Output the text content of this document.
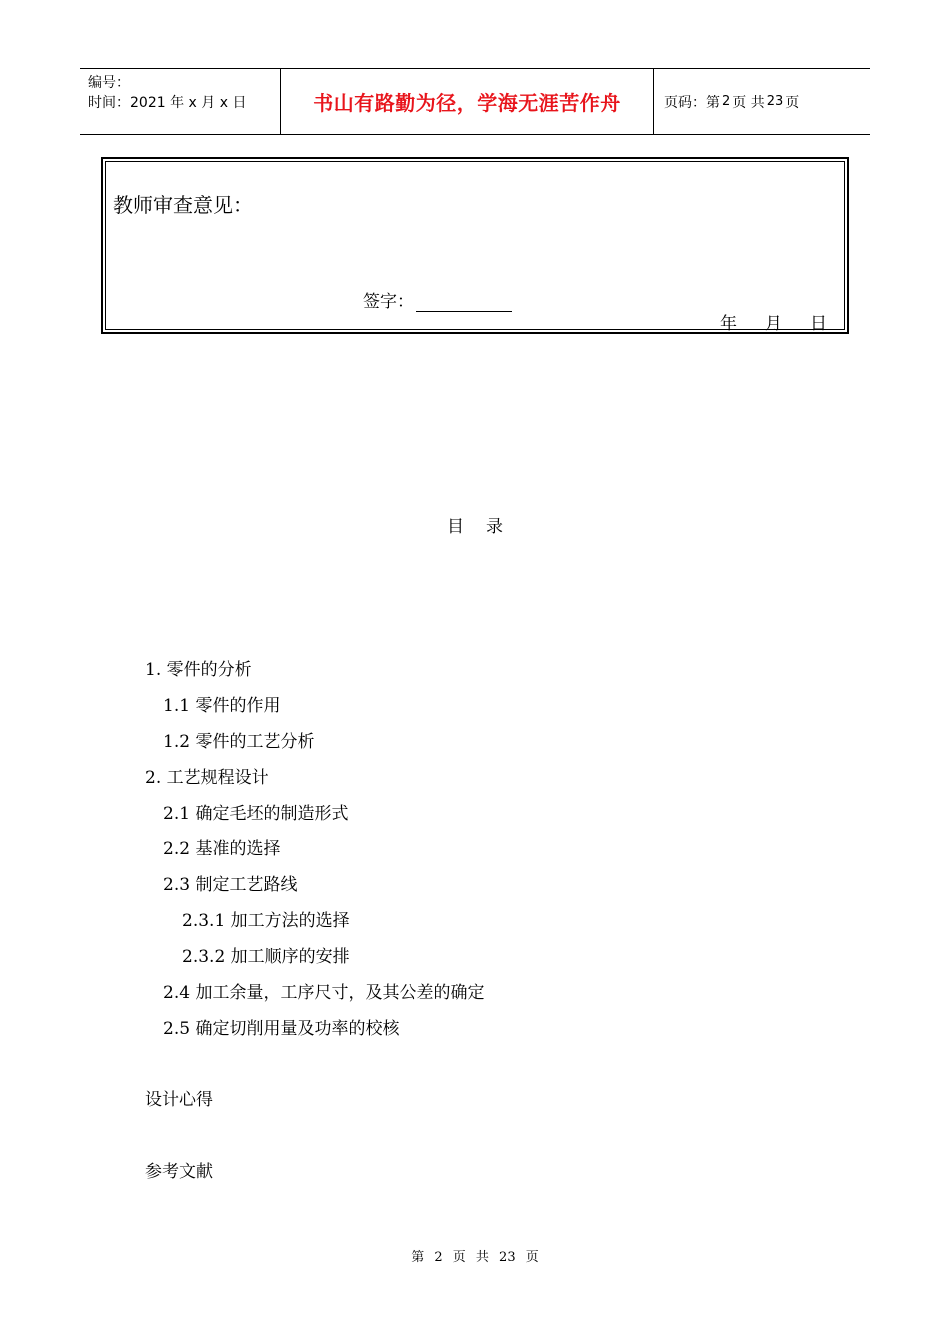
编号：
时间：2021 年 x 月 x 日	书山有路勤为径，学海无涯苦作舟	页码：第 2 页 共 23 页
教师审查意见：
签字：
年 月 日
目录
1. 零件的分析
1.1 零件的作用
1.2 零件的工艺分析
2. 工艺规程设计
2.1 确定毛坯的制造形式
2.2 基准的选择
2.3 制定工艺路线
2.3.1 加工方法的选择
2.3.2 加工顺序的安排
2.4 加工余量，工序尺寸，及其公差的确定
2.5 确定切削用量及功率的校核
设计心得
参考文献
第 2 页 共 23 页
